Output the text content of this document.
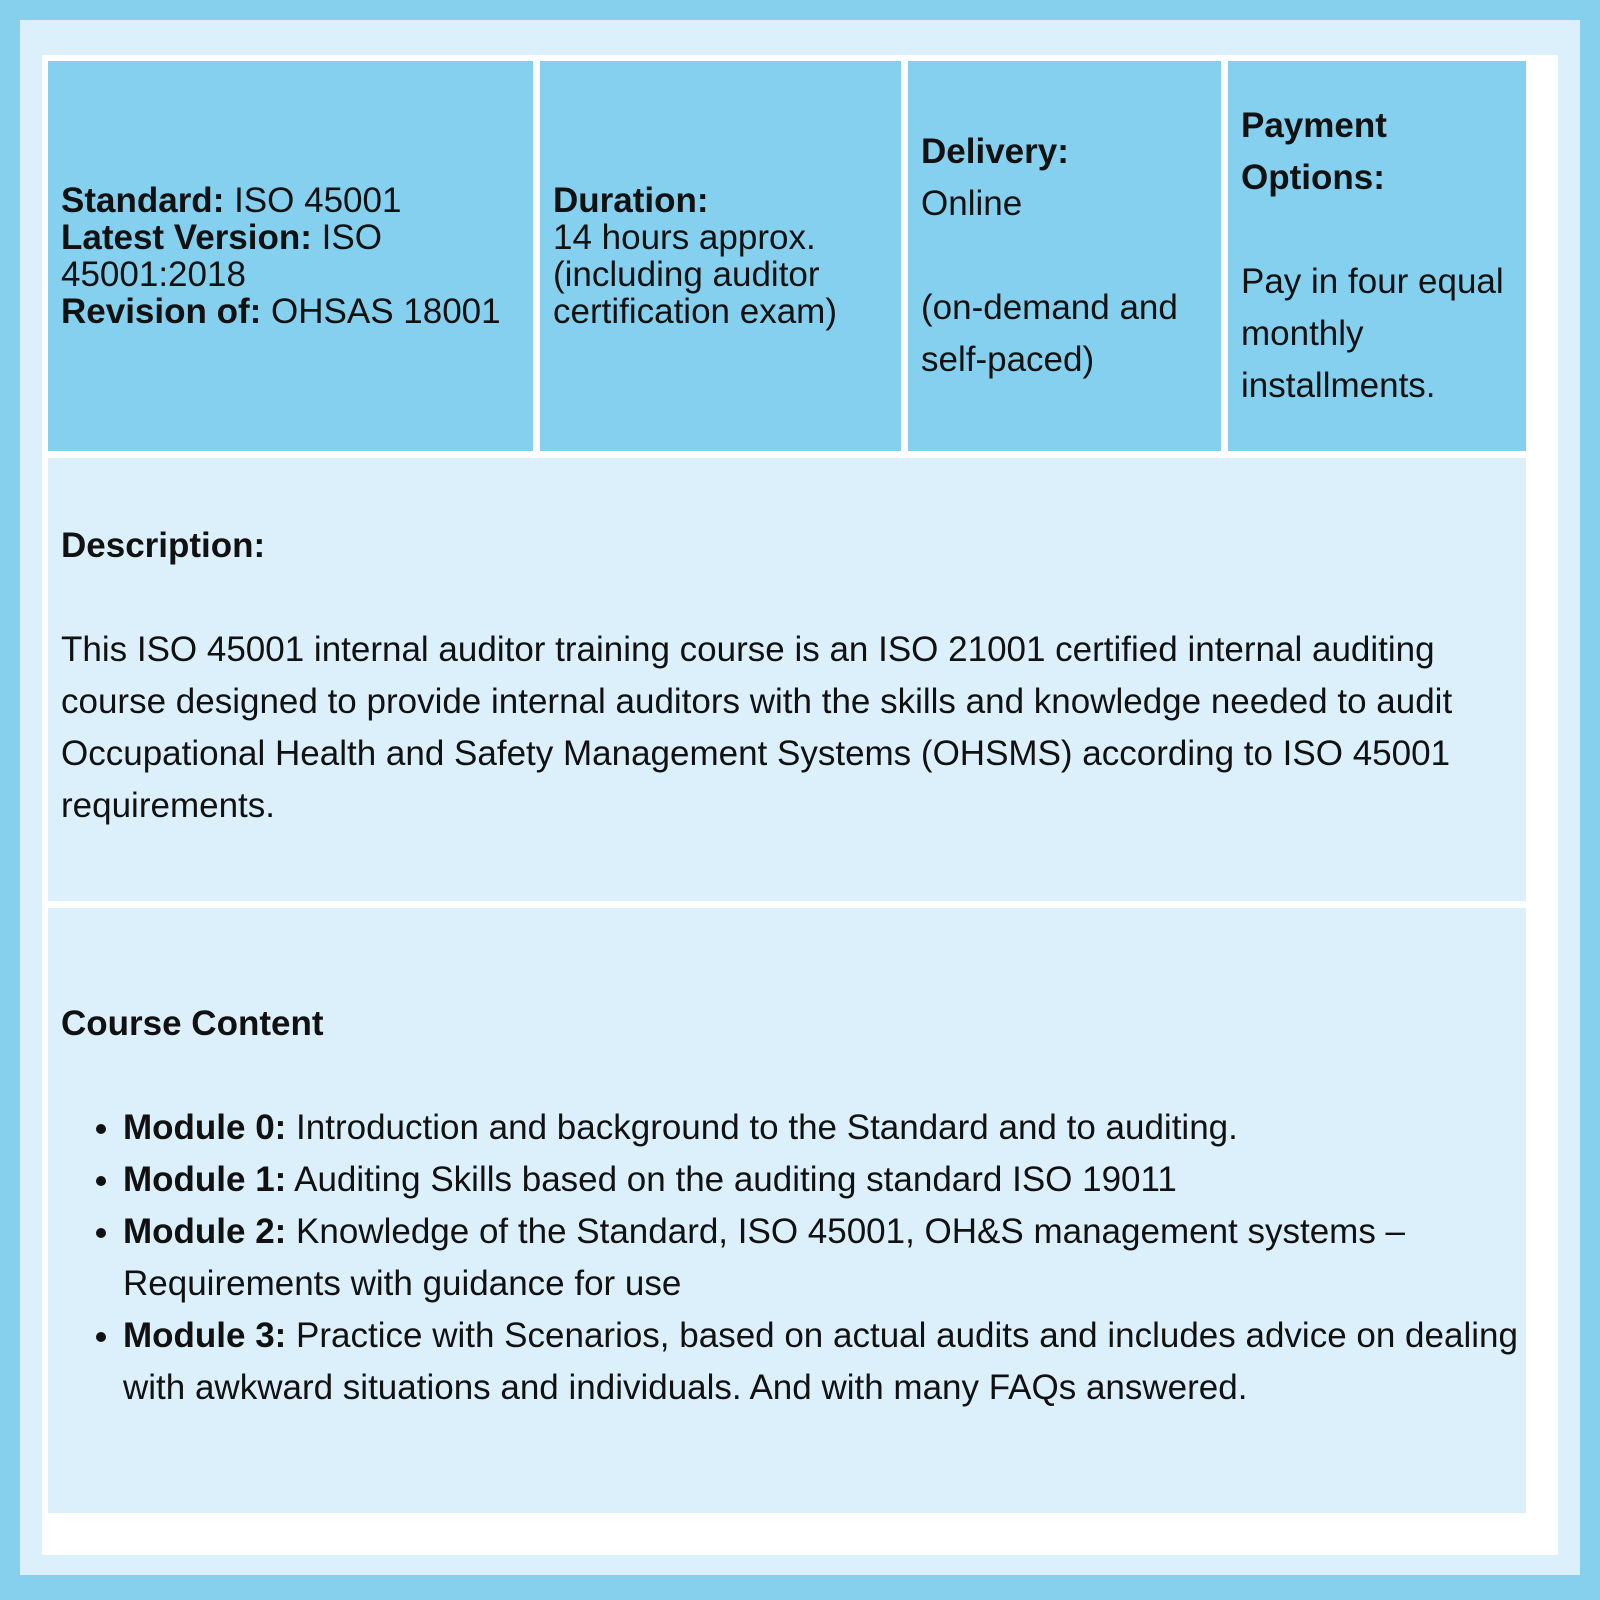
Standard: ISO 45001
Latest Version: ISO 45001:2018
Revision of: OHSAS 18001
Duration:
14 hours approx.
(including auditor certification exam)
Delivery:
Online

(on-demand and self-paced)
Payment Options:

Pay in four equal monthly installments.

Description:

This ISO 45001 internal auditor training course is an ISO 21001 certified internal auditing course designed to provide internal auditors with the skills and knowledge needed to audit Occupational Health and Safety Management Systems (OHSMS) according to ISO 45001 requirements.

Course Content

• Module 0: Introduction and background to the Standard and to auditing.
• Module 1: Auditing Skills based on the auditing standard ISO 19011
• Module 2: Knowledge of the Standard, ISO 45001, OH&S management systems – Requirements with guidance for use
• Module 3: Practice with Scenarios, based on actual audits and includes advice on dealing with awkward situations and individuals. And with many FAQs answered.
